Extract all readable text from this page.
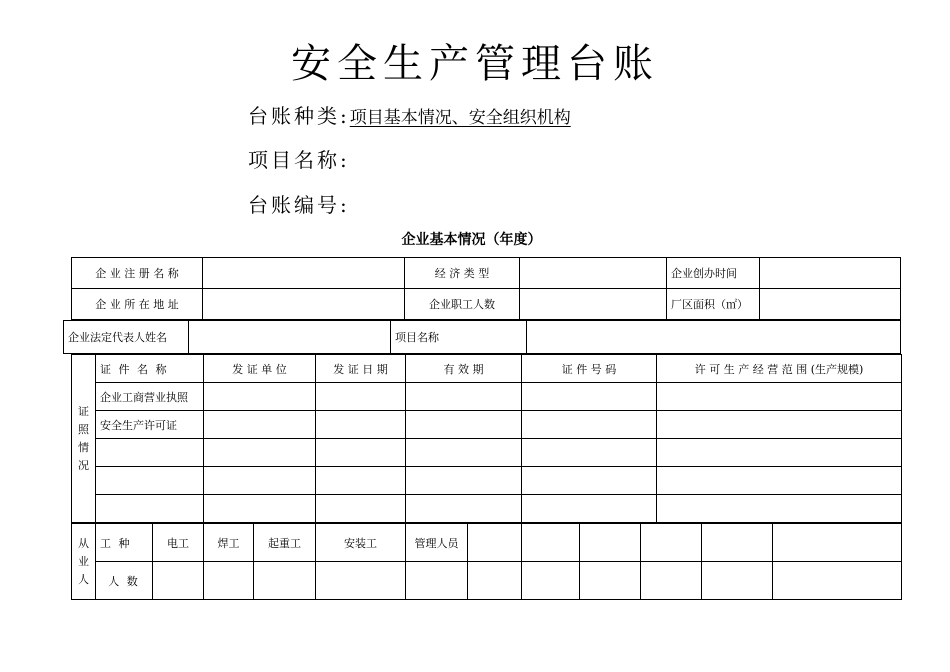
安全生产管理台账
台账种类:项目基本情况、安全组织机构
项目名称:
台账编号:
企业基本情况（年度）
企 业 注 册 名 称		经 济 类 型		企业创办时间	
企 业 所 在 地 址		企业职工人数		厂区面积（㎡）	
企业法定代表人姓名		项目名称	
证
照
情
况	证 件 名 称	发 证 单 位	发 证 日 期	有 效 期	证 件 号 码	许 可 生 产 经 营 范 围 (生产规模)
	企业工商营业执照					
	安全生产许可证					

从
业
人	工 种	电工	焊工	起重工	安装工	管理人员						
	人 数											
